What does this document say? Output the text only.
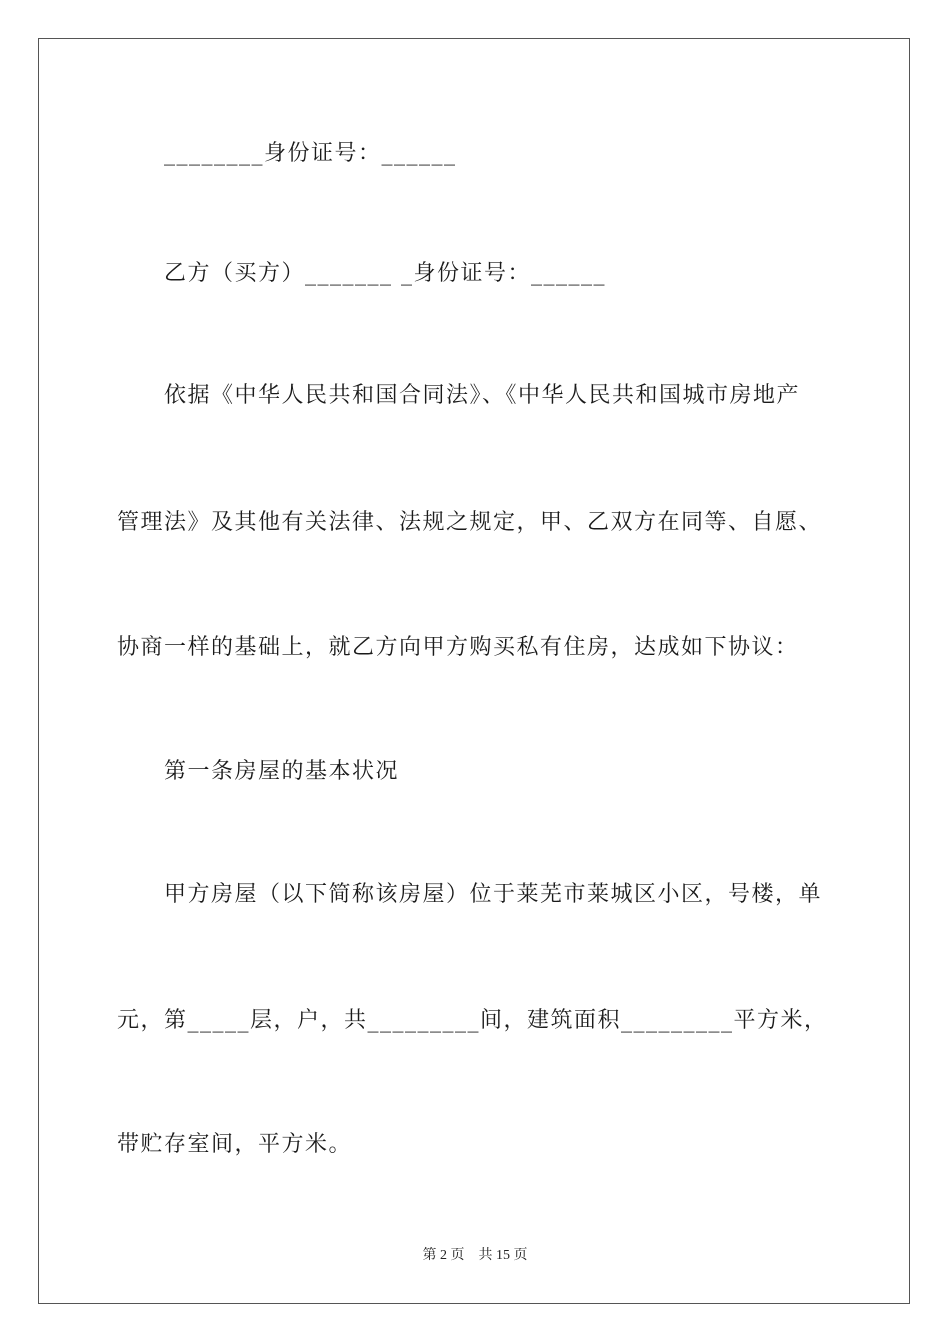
________身份证号：______
乙方（买方）_______ _身份证号：______
依据《中华人民共和国合同法》、《中华人民共和国城市房地产
管理法》及其他有关法律、法规之规定，甲、乙双方在同等、自愿、
协商一样的基础上，就乙方向甲方购买私有住房，达成如下协议：
第一条房屋的基本状况
甲方房屋（以下简称该房屋）位于莱芜市莱城区小区，号楼，单
元，第_____层，户，共_________间，建筑面积_________平方米，
带贮存室间，平方米。
第 2 页    共 15 页
